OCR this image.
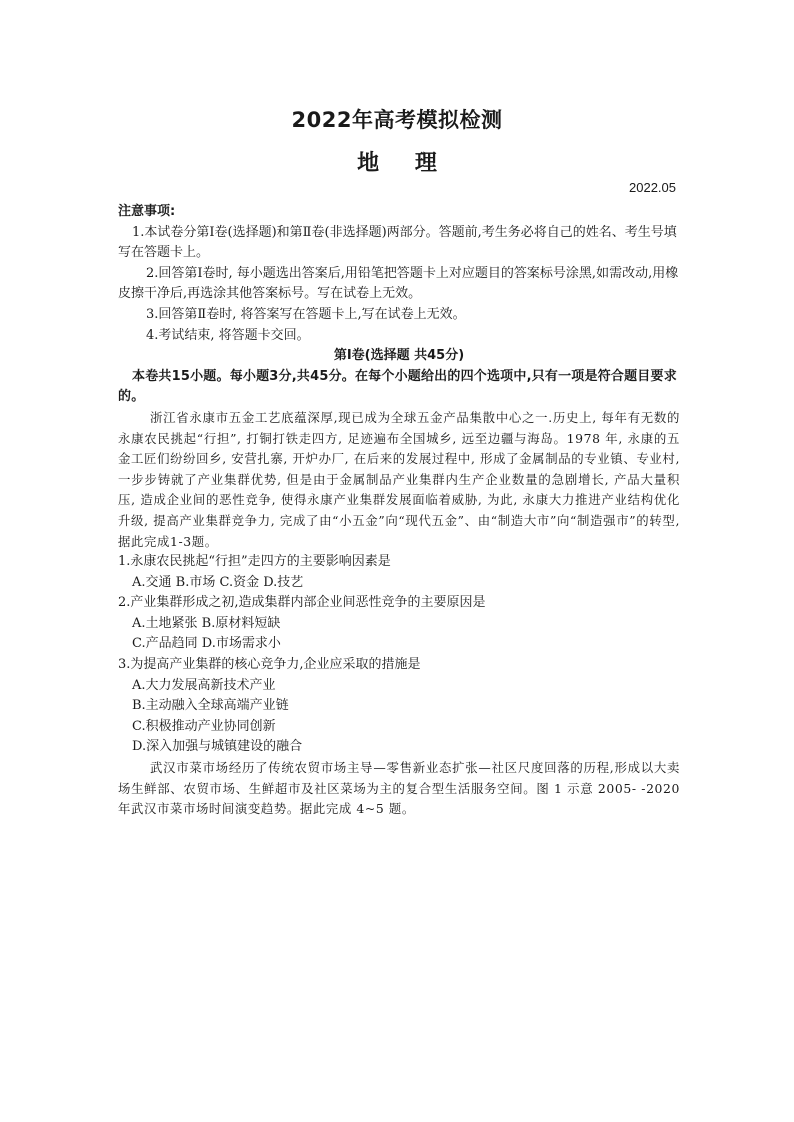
2022年高考模拟检测
地 理
2022.05
注意事项:

1.本试卷分第Ⅰ卷(选择题)和第Ⅱ卷(非选择题)两部分。答题前,考生务必将自己的姓名、考生号填写在答题卡上。

2.回答第Ⅰ卷时, 每小题选出答案后,用铅笔把答题卡上对应题目的答案标号涂黑,如需改动,用橡皮擦干净后,再选涂其他答案标号。写在试卷上无效。

3.回答第Ⅱ卷时, 将答案写在答题卡上,写在试卷上无效。

4.考试结束, 将答题卡交回。

第Ⅰ卷(选择题 共45分)

本卷共15小题。每小题3分,共45分。在每个小题给出的四个选项中,只有一项是符合题目要求的。

浙江省永康市五金工艺底蕴深厚,现已成为全球五金产品集散中心之一.历史上, 每年有无数的永康农民挑起“行担”, 打铜打铁走四方, 足迹遍布全国城乡, 远至边疆与海岛。1978 年, 永康的五金工匠们纷纷回乡, 安营扎寨, 开炉办厂, 在后来的发展过程中, 形成了金属制品的专业镇、专业村, 一步步铸就了产业集群优势, 但是由于金属制品产业集群内生产企业数量的急剧增长, 产品大量积压, 造成企业间的恶性竞争, 使得永康产业集群发展面临着威胁, 为此, 永康大力推进产业结构优化升级, 提高产业集群竞争力, 完成了由“小五金”向“现代五金”、由“制造大市”向“制造强市”的转型, 据此完成1-3题。

1.永康农民挑起“行担”走四方的主要影响因素是

A.交通 B.市场 C.资金 D.技艺

2.产业集群形成之初,造成集群内部企业间恶性竞争的主要原因是

A.土地紧张 B.原材料短缺

C.产品趋同 D.市场需求小

3.为提高产业集群的核心竞争力,企业应采取的措施是

A.大力发展高新技术产业

B.主动融入全球高端产业链

C.积极推动产业协同创新

D.深入加强与城镇建设的融合

武汉市菜市场经历了传统农贸市场主导—零售新业态扩张—社区尺度回落的历程,形成以大卖场生鲜部、农贸市场、生鲜超市及社区菜场为主的复合型生活服务空间。图 1 示意 2005- -2020年武汉市菜市场时间演变趋势。据此完成 4~5 题。
